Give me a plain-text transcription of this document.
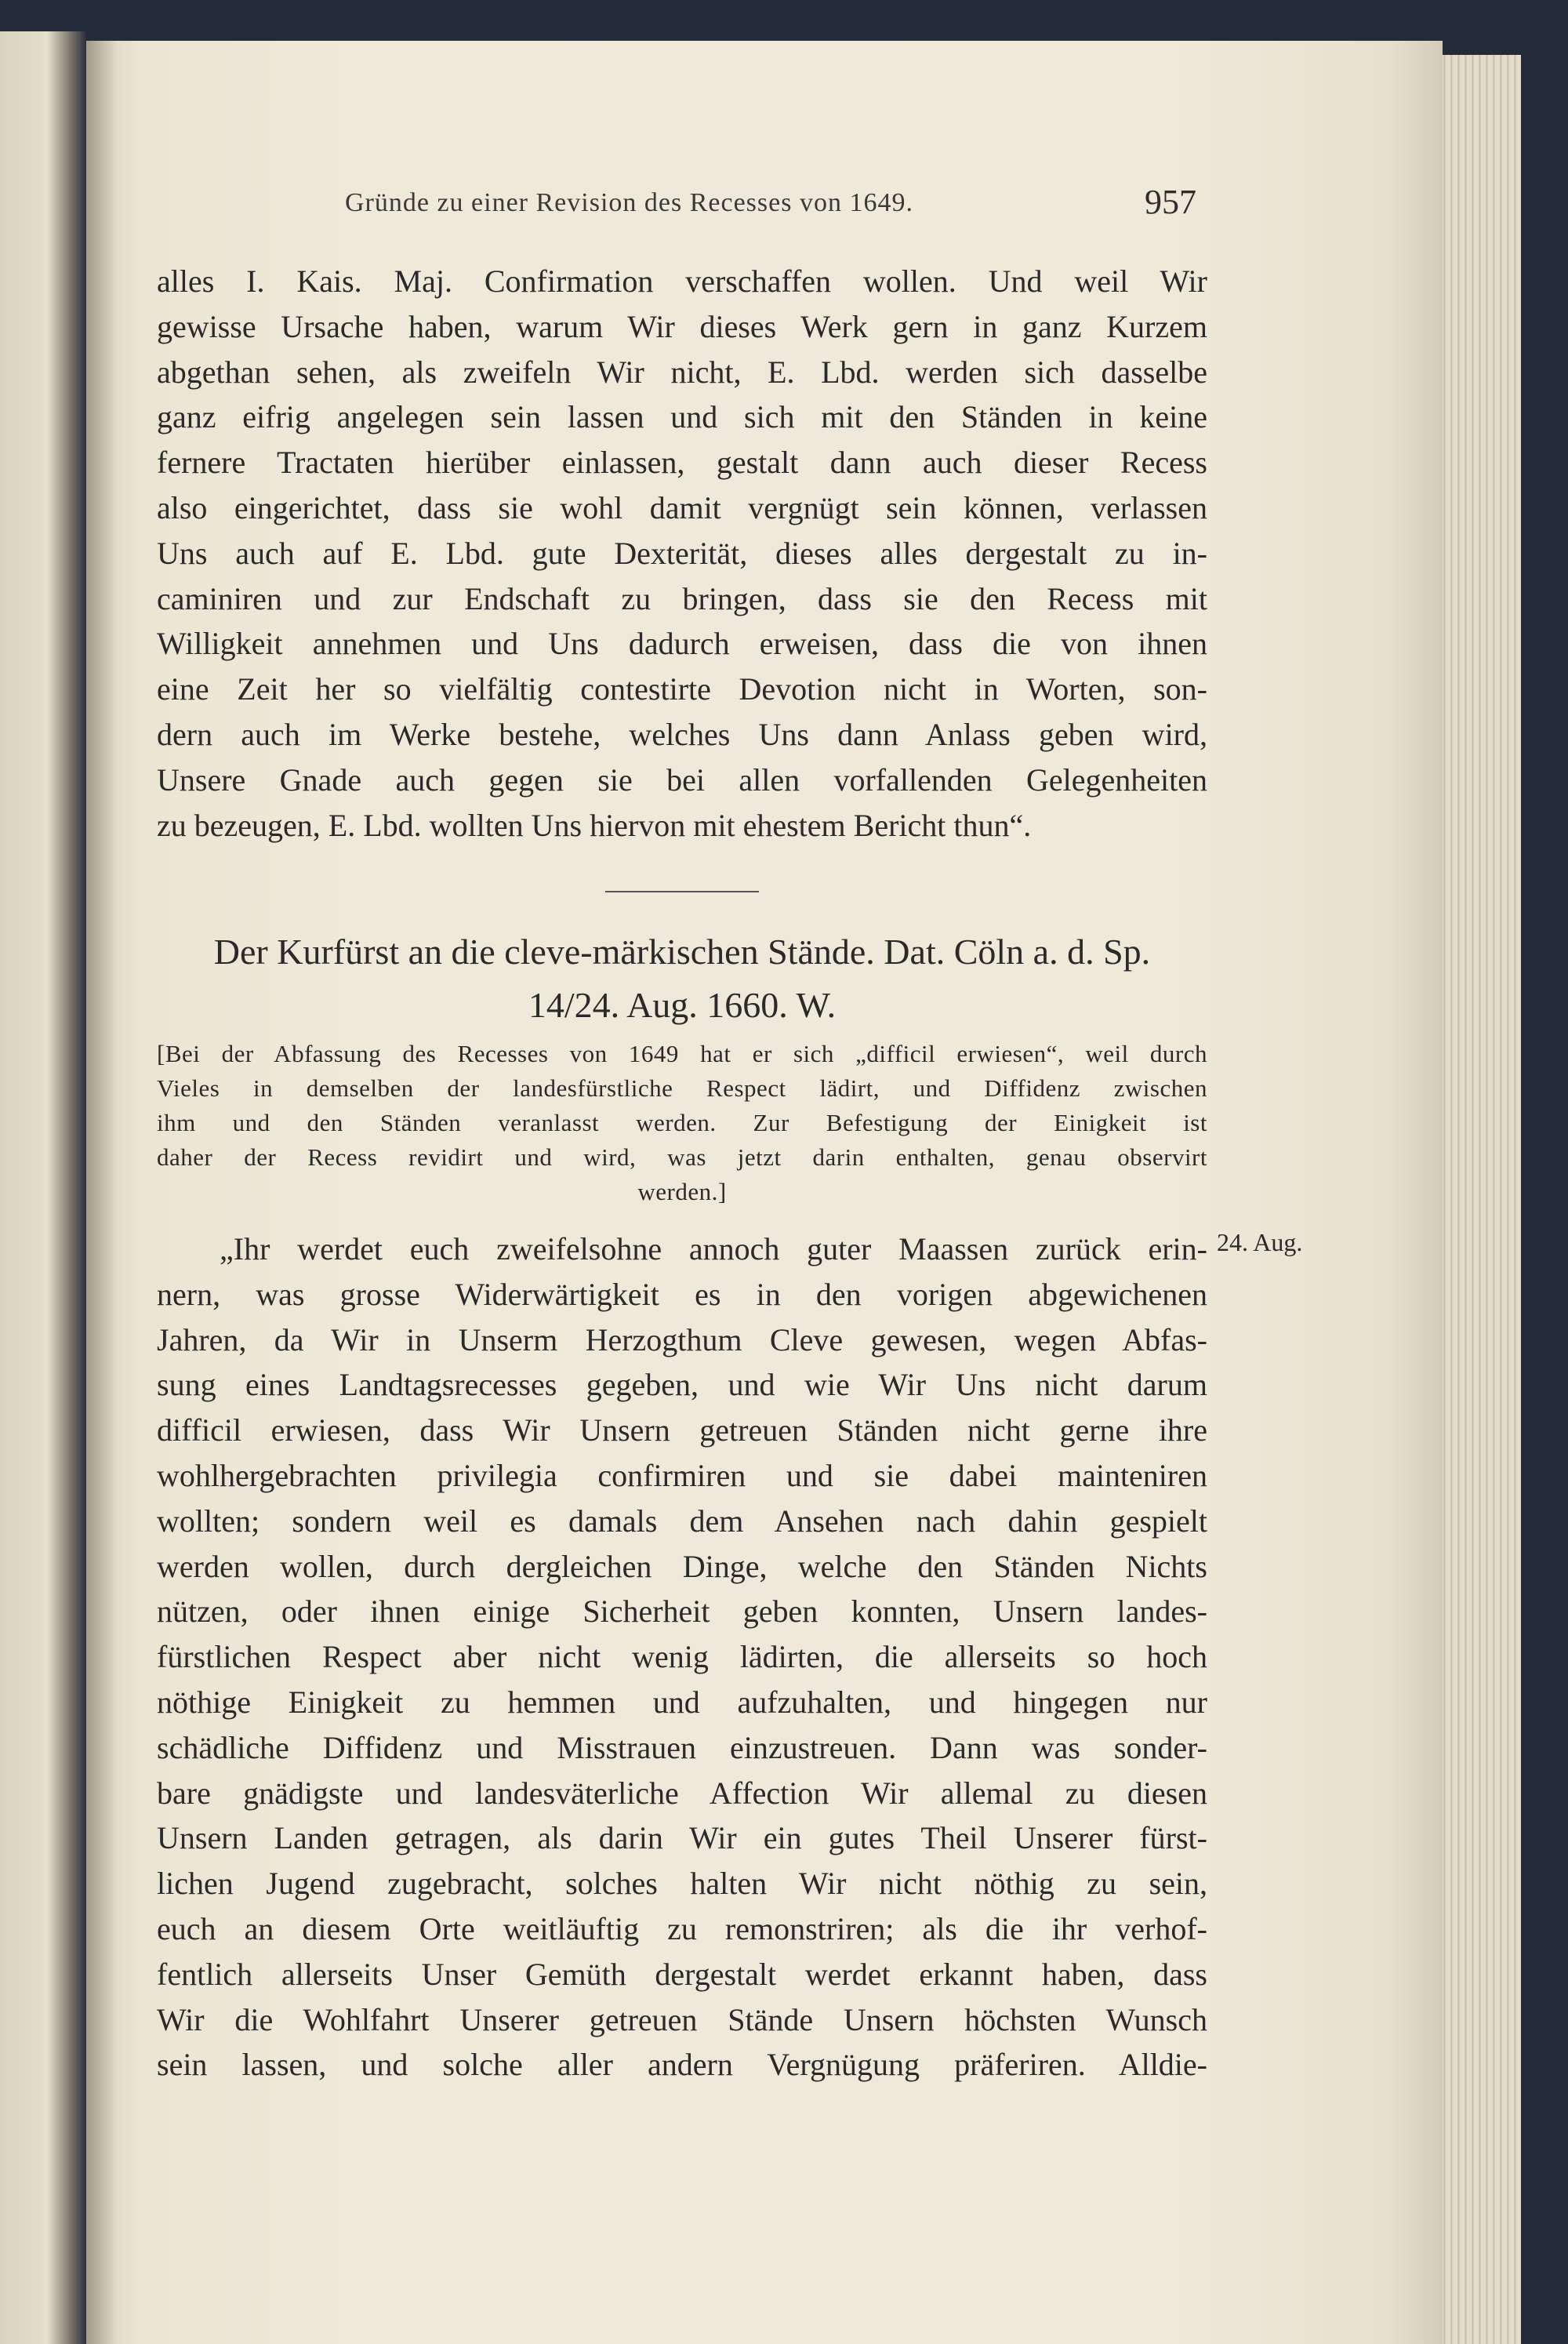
Gründe zu einer Revision des Recesses von 1649.	957
alles I. Kais. Maj. Confirmation verschaffen wollen. Und weil Wir
gewisse Ursache haben, warum Wir dieses Werk gern in ganz Kurzem
abgethan sehen, als zweifeln Wir nicht, E. Lbd. werden sich dasselbe
ganz eifrig angelegen sein lassen und sich mit den Ständen in keine
fernere Tractaten hierüber einlassen, gestalt dann auch dieser Recess
also eingerichtet, dass sie wohl damit vergnügt sein können, verlassen
Uns auch auf E. Lbd. gute Dexterität, dieses alles dergestalt zu in-
caminiren und zur Endschaft zu bringen, dass sie den Recess mit
Willigkeit annehmen und Uns dadurch erweisen, dass die von ihnen
eine Zeit her so vielfältig contestirte Devotion nicht in Worten, son-
dern auch im Werke bestehe, welches Uns dann Anlass geben wird,
Unsere Gnade auch gegen sie bei allen vorfallenden Gelegenheiten
zu bezeugen, E. Lbd. wollten Uns hiervon mit ehestem Bericht thun“.
Der Kurfürst an die cleve-märkischen Stände. Dat. Cöln a. d. Sp.
14/24. Aug. 1660. W.
[Bei der Abfassung des Recesses von 1649 hat er sich „difficil erwiesen“, weil durch
Vieles in demselben der landesfürstliche Respect lädirt, und Diffidenz zwischen
ihm und den Ständen veranlasst werden. Zur Befestigung der Einigkeit ist
daher der Recess revidirt und wird, was jetzt darin enthalten, genau observirt
werden.]
24. Aug.
„Ihr werdet euch zweifelsohne annoch guter Maassen zurück erin-
nern, was grosse Widerwärtigkeit es in den vorigen abgewichenen
Jahren, da Wir in Unserm Herzogthum Cleve gewesen, wegen Abfas-
sung eines Landtagsrecesses gegeben, und wie Wir Uns nicht darum
difficil erwiesen, dass Wir Unsern getreuen Ständen nicht gerne ihre
wohlhergebrachten privilegia confirmiren und sie dabei mainteniren
wollten; sondern weil es damals dem Ansehen nach dahin gespielt
werden wollen, durch dergleichen Dinge, welche den Ständen Nichts
nützen, oder ihnen einige Sicherheit geben konnten, Unsern landes-
fürstlichen Respect aber nicht wenig lädirten, die allerseits so hoch
nöthige Einigkeit zu hemmen und aufzuhalten, und hingegen nur
schädliche Diffidenz und Misstrauen einzustreuen. Dann was sonder-
bare gnädigste und landesväterliche Affection Wir allemal zu diesen
Unsern Landen getragen, als darin Wir ein gutes Theil Unserer fürst-
lichen Jugend zugebracht, solches halten Wir nicht nöthig zu sein,
euch an diesem Orte weitläuftig zu remonstriren; als die ihr verhof-
fentlich allerseits Unser Gemüth dergestalt werdet erkannt haben, dass
Wir die Wohlfahrt Unserer getreuen Stände Unsern höchsten Wunsch
sein lassen, und solche aller andern Vergnügung präferiren. Alldie-
